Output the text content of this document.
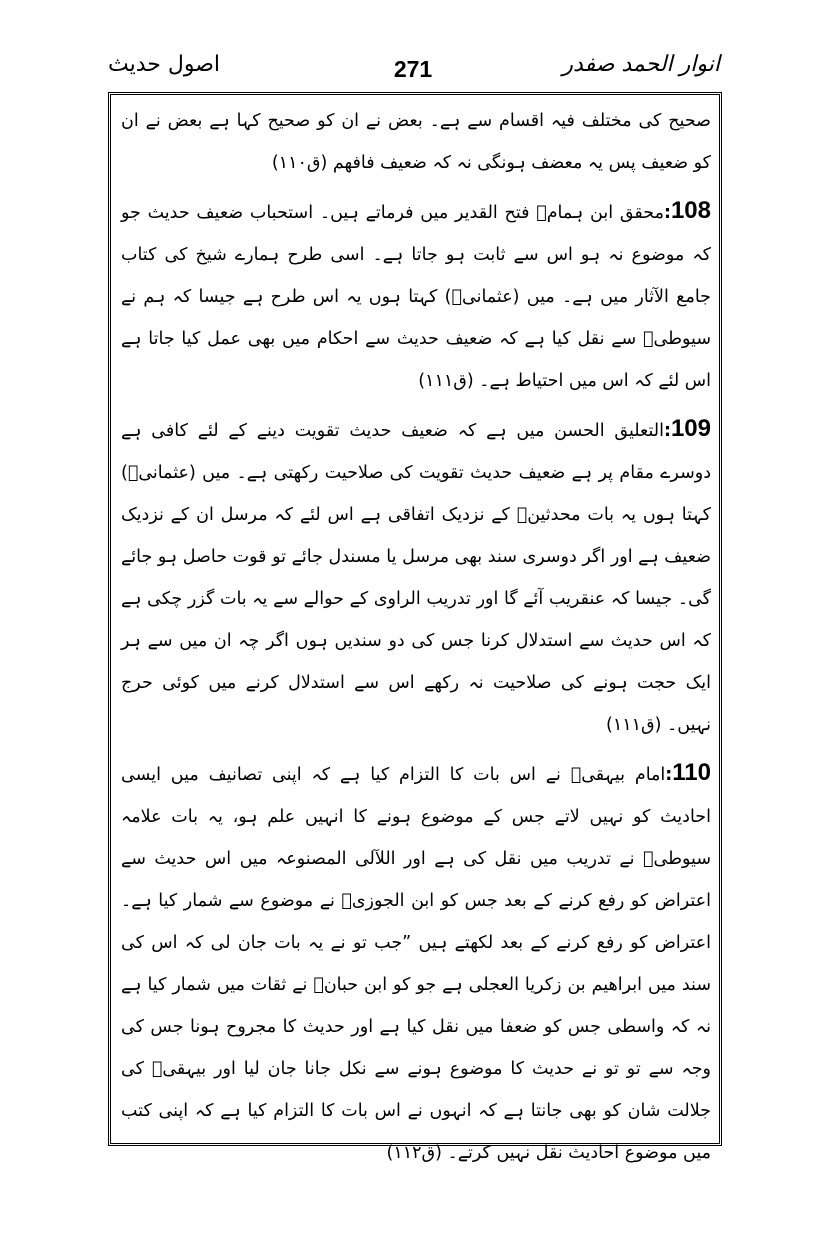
انوار الحمد صفدر
271
اصول حدیث

صحیح کی مختلف فیہ اقسام سے ہے۔ بعض نے ان کو صحیح کہا ہے بعض نے ان کو ضعیف پس یہ معضف ہونگی نہ کہ ضعیف فافهم (ق۱۱۰)

108:محقق ابن ہمامؒ فتح القدیر میں فرماتے ہیں۔ استحباب ضعیف حدیث جو کہ موضوع نہ ہو اس سے ثابت ہو جاتا ہے۔ اسی طرح ہمارے شیخ کی کتاب جامع الآثار میں ہے۔ میں (عثمانیؒ) کہتا ہوں یہ اس طرح ہے جیسا کہ ہم نے سیوطیؒ سے نقل کیا ہے کہ ضعیف حدیث سے احکام میں بھی عمل کیا جاتا ہے اس لئے کہ اس میں احتیاط ہے۔ (ق۱۱۱)

109:التعلیق الحسن میں ہے کہ ضعیف حدیث تقویت دینے کے لئے کافی ہے دوسرے مقام پر ہے ضعیف حدیث تقویت کی صلاحیت رکھتی ہے۔ میں (عثمانیؒ) کہتا ہوں یہ بات محدثینؒ کے نزدیک اتفاقی ہے اس لئے کہ مرسل ان کے نزدیک ضعیف ہے اور اگر دوسری سند بھی مرسل یا مسندل جائے تو قوت حاصل ہو جائے گی۔ جیسا کہ عنقریب آئے گا اور تدریب الراوی کے حوالے سے یہ بات گزر چکی ہے کہ اس حدیث سے استدلال کرنا جس کی دو سندیں ہوں اگر چہ ان میں سے ہر ایک حجت ہونے کی صلاحیت نہ رکھے اس سے استدلال کرنے میں کوئی حرج نہیں۔ (ق۱۱۱)

110:امام بیہقیؒ نے اس بات کا التزام کیا ہے کہ اپنی تصانیف میں ایسی احادیث کو نہیں لاتے جس کے موضوع ہونے کا انہیں علم ہو، یہ بات علامہ سیوطیؒ نے تدریب میں نقل کی ہے اور اللآلی المصنوعہ میں اس حدیث سے اعتراض کو رفع کرنے کے بعد جس کو ابن الجوزیؒ نے موضوع سے شمار کیا ہے۔ اعتراض کو رفع کرنے کے بعد لکھتے ہیں ”جب تو نے یہ بات جان لی کہ اس کی سند میں ابراهیم بن زکریا العجلی ہے جو کو ابن حبانؒ نے ثقات میں شمار کیا ہے نہ کہ واسطی جس کو ضعفا میں نقل کیا ہے اور حدیث کا مجروح ہونا جس کی وجہ سے تو تو نے حدیث کا موضوع ہونے سے نکل جانا جان لیا اور بیہقیؒ کی جلالت شان کو بھی جانتا ہے کہ انہوں نے اس بات کا التزام کیا ہے کہ اپنی کتب میں موضوع احادیث نقل نہیں کرتے۔ (ق۱۱۲)
